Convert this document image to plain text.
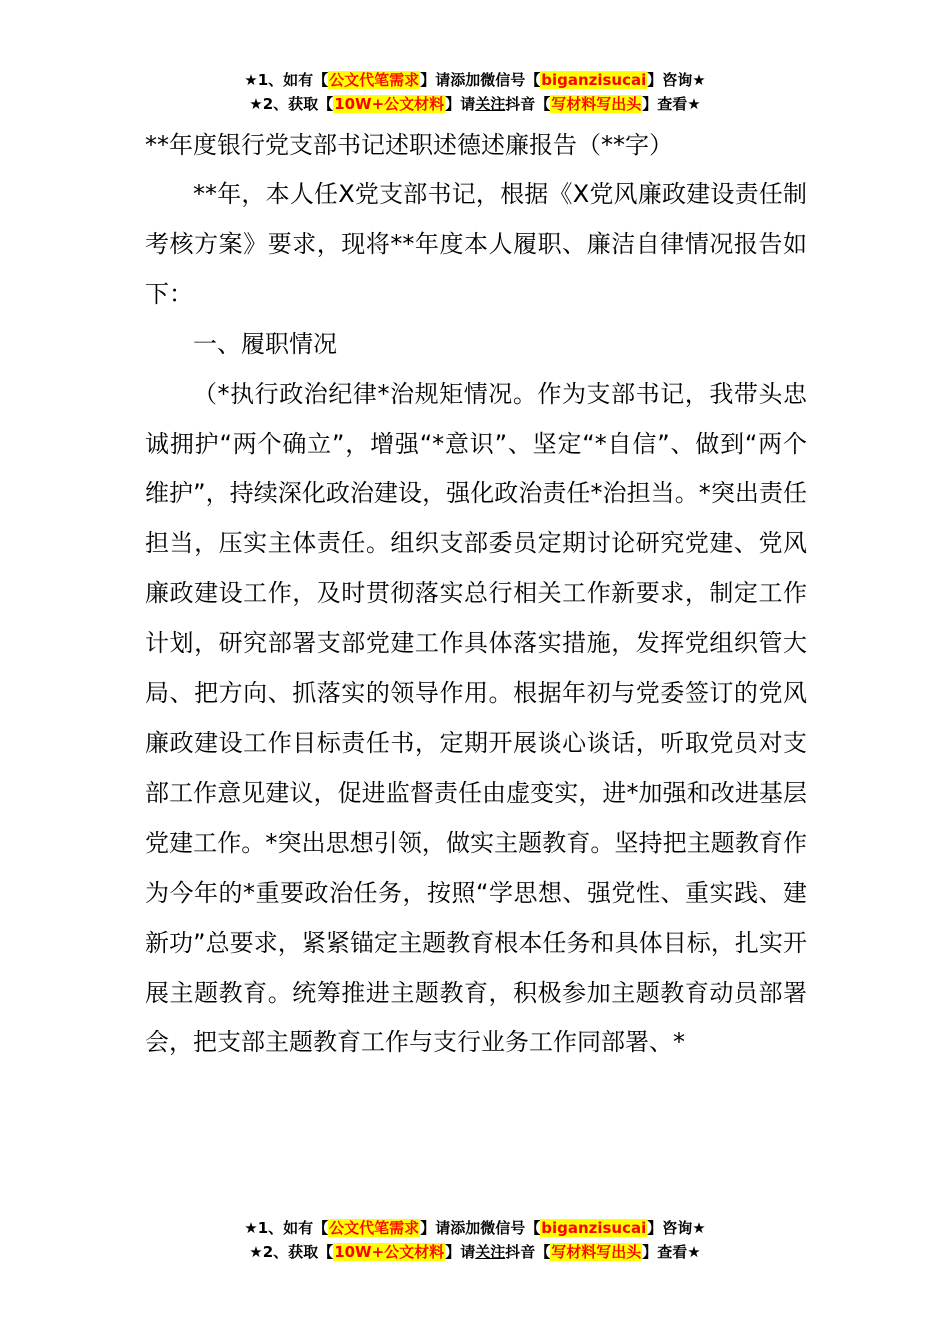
★1、如有【公文代笔需求】请添加微信号【biganzisucai】咨询★
★2、获取【10W+公文材料】请关注抖音【写材料写出头】查看★
**年度银行党支部书记述职述德述廉报告（**字）

**年，本人任X党支部书记，根据《X党风廉政建设责任制考核方案》要求，现将**年度本人履职、廉洁自律情况报告如下：

一、履职情况

（*执行政治纪律*治规矩情况。作为支部书记，我带头忠诚拥护“两个确立”，增强“*意识”、坚定“*自信”、做到“两个维护”，持续深化政治建设，强化政治责任*治担当。*突出责任担当，压实主体责任。组织支部委员定期讨论研究党建、党风廉政建设工作，及时贯彻落实总行相关工作新要求，制定工作计划，研究部署支部党建工作具体落实措施，发挥党组织管大局、把方向、抓落实的领导作用。根据年初与党委签订的党风廉政建设工作目标责任书，定期开展谈心谈话，听取党员对支部工作意见建议，促进监督责任由虚变实，进*加强和改进基层党建工作。*突出思想引领，做实主题教育。坚持把主题教育作为今年的*重要政治任务，按照“学思想、强党性、重实践、建新功”总要求，紧紧锚定主题教育根本任务和具体目标，扎实开展主题教育。统筹推进主题教育，积极参加主题教育动员部署会，把支部主题教育工作与支行业务工作同部署、*

★1、如有【公文代笔需求】请添加微信号【biganzisucai】咨询★
★2、获取【10W+公文材料】请关注抖音【写材料写出头】查看★
